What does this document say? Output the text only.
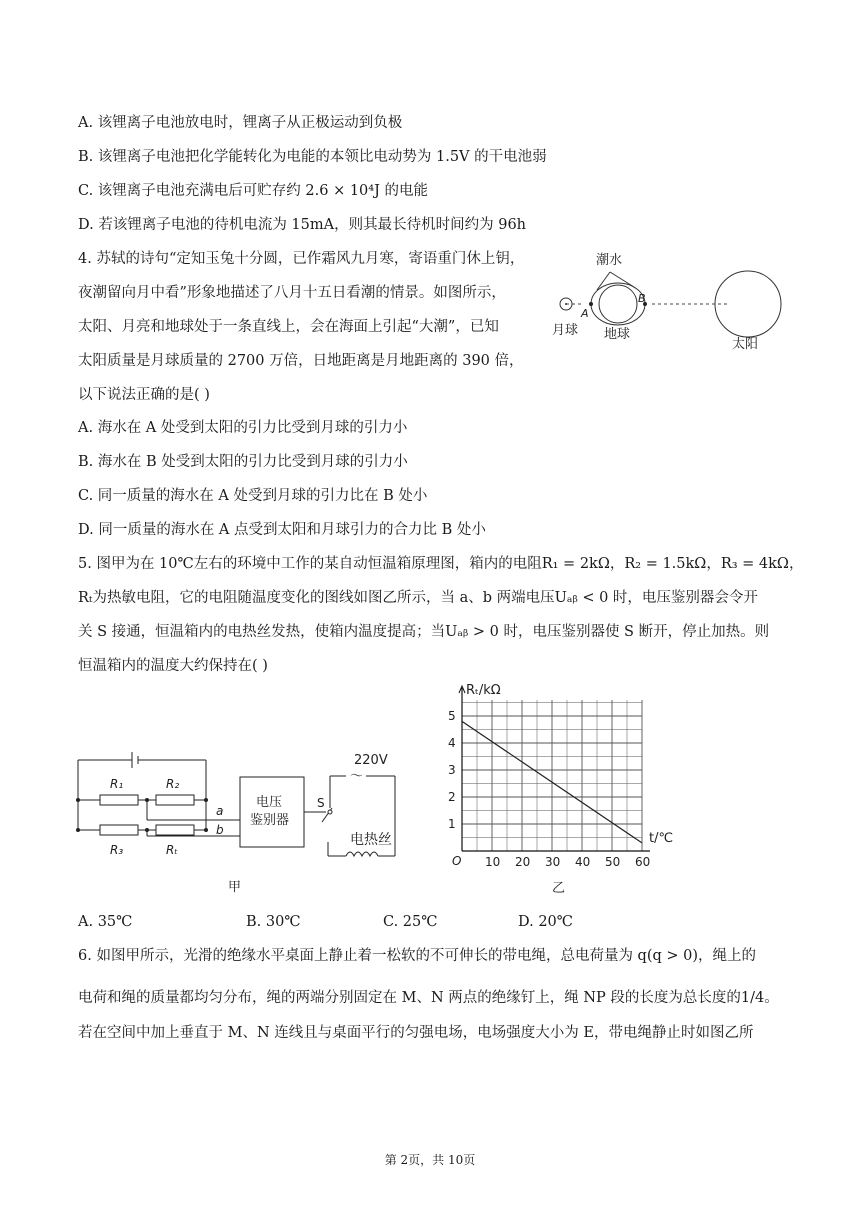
A. 该锂离子电池放电时，锂离子从正极运动到负极
B. 该锂离子电池把化学能转化为电能的本领比电动势为 1.5V 的干电池弱
C. 该锂离子电池充满电后可贮存约 2.6 × 10⁴J 的电能
D. 若该锂离子电池的待机电流为 15mA，则其最长待机时间约为 96h
4. 苏轼的诗句“定知玉兔十分圆，已作霜风九月寒，寄语重门休上钥，
夜潮留向月中看”形象地描述了八月十五日看潮的情景。如图所示，
太阳、月亮和地球处于一条直线上，会在海面上引起“大潮”，已知
太阳质量是月球质量的 2700 万倍，日地距离是月地距离的 390 倍，
以下说法正确的是( )
A. 海水在 A 处受到太阳的引力比受到月球的引力小
B. 海水在 B 处受到太阳的引力比受到月球的引力小
C. 同一质量的海水在 A 处受到月球的引力比在 B 处小
D. 同一质量的海水在 A 点受到太阳和月球引力的合力比 B 处小
5. 图甲为在 10℃左右的环境中工作的某自动恒温箱原理图，箱内的电阻R₁ = 2kΩ，R₂ = 1.5kΩ，R₃ = 4kΩ，
Rₜ为热敏电阻，它的电阻随温度变化的图线如图乙所示，当 a、b 两端电压Uₐᵦ < 0 时，电压鉴别器会令开
关 S 接通，恒温箱内的电热丝发热，使箱内温度提高；当Uₐᵦ > 0 时，电压鉴别器使 S 断开，停止加热。则
恒温箱内的温度大约保持在( )
A. 35℃	B. 30℃	C. 25℃	D. 20℃
6. 如图甲所示，光滑的绝缘水平桌面上静止着一松软的不可伸长的带电绳，总电荷量为 q(q > 0)，绳上的
电荷和绳的质量都均匀分布，绳的两端分别固定在 M、N 两点的绝缘钉上，绳 NP 段的长度为总长度的1/4。
若在空间中加上垂直于 M、N 连线且与桌面平行的匀强电场，电场强度大小为 E，带电绳静止时如图乙所
潮水
A
B
月球 地球
太阳
R₁	R₂
R₃	Rₜ
a
b
电压
鉴别器
S
220V
～
电热丝
甲
10 20 30 40 50 60
1
2
3
4
5
Rₜ/kΩ
t/℃
O
乙
第 2页，共 10页
